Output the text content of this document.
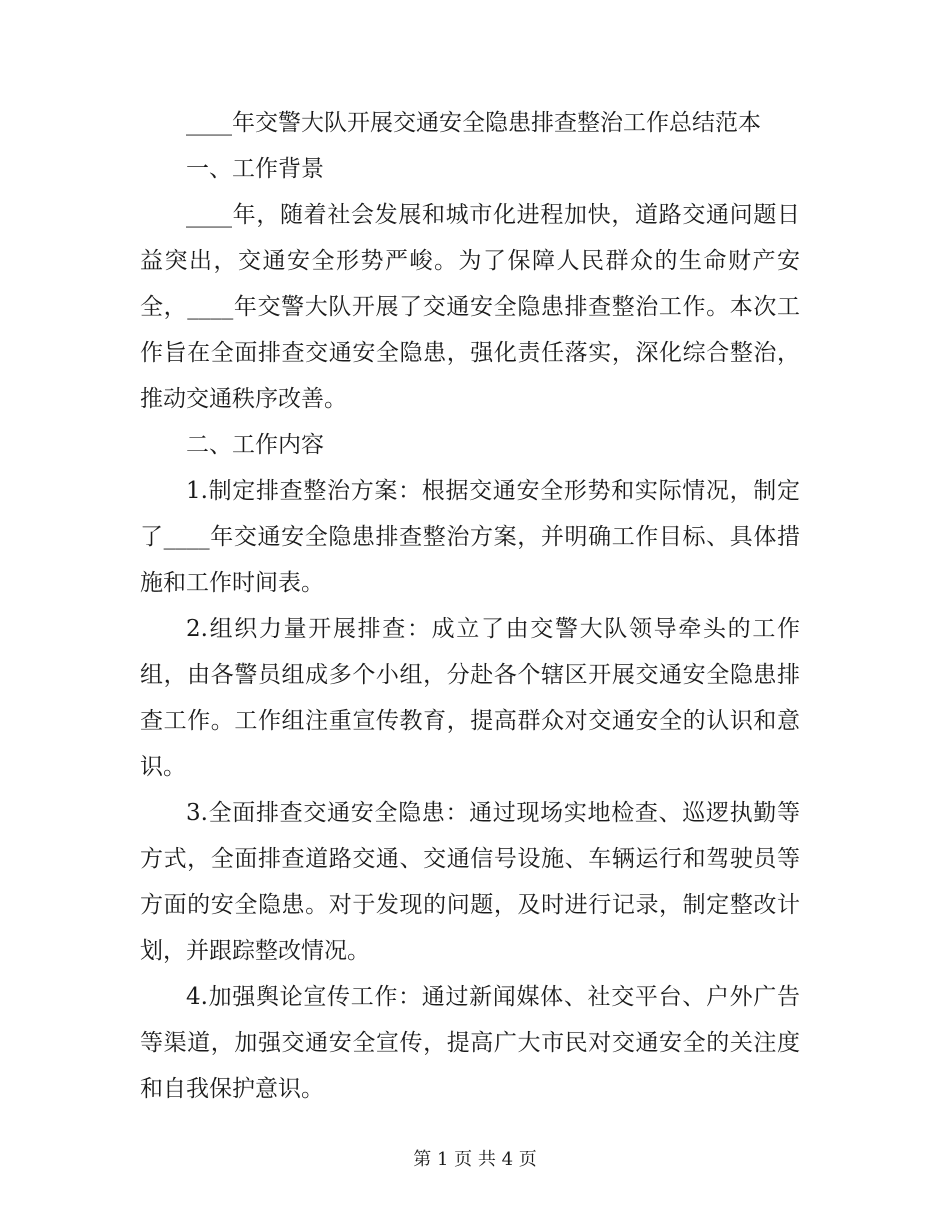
____年交警大队开展交通安全隐患排查整治工作总结范本

一、工作背景

____年，随着社会发展和城市化进程加快，道路交通问题日益突出，交通安全形势严峻。为了保障人民群众的生命财产安全，____年交警大队开展了交通安全隐患排查整治工作。本次工作旨在全面排查交通安全隐患，强化责任落实，深化综合整治，推动交通秩序改善。

二、工作内容

1.制定排查整治方案：根据交通安全形势和实际情况，制定了____年交通安全隐患排查整治方案，并明确工作目标、具体措施和工作时间表。

2.组织力量开展排查：成立了由交警大队领导牵头的工作组，由各警员组成多个小组，分赴各个辖区开展交通安全隐患排查工作。工作组注重宣传教育，提高群众对交通安全的认识和意识。

3.全面排查交通安全隐患：通过现场实地检查、巡逻执勤等方式，全面排查道路交通、交通信号设施、车辆运行和驾驶员等方面的安全隐患。对于发现的问题，及时进行记录，制定整改计划，并跟踪整改情况。

4.加强舆论宣传工作：通过新闻媒体、社交平台、户外广告等渠道，加强交通安全宣传，提高广大市民对交通安全的关注度和自我保护意识。

第 1 页 共 4 页
